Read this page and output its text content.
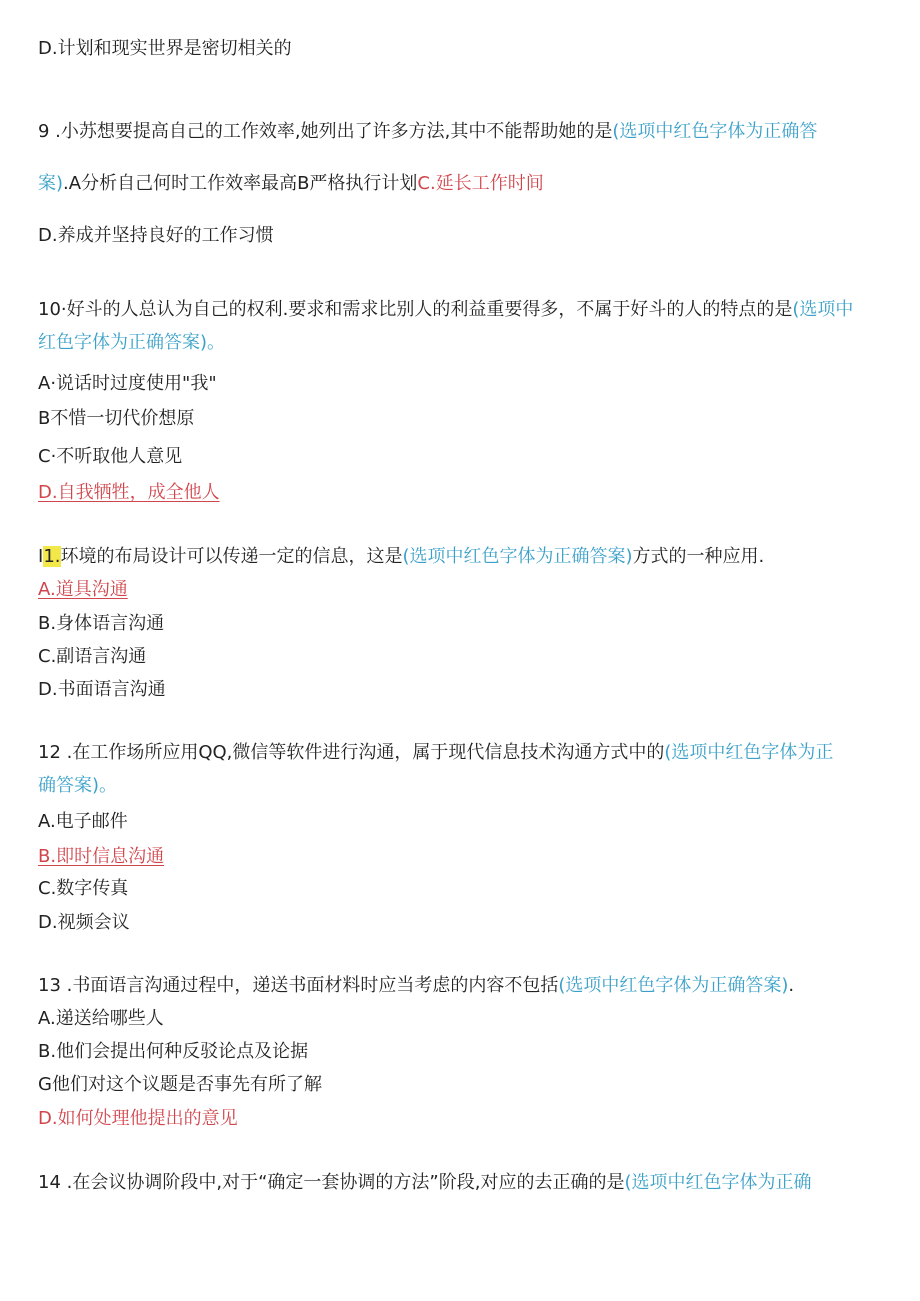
D.计划和现实世界是密切相关的
9 .小苏想要提高自己的工作效率,她列出了许多方法,其中不能帮助她的是(选项中红色字体为正确答
案).A分析自己何时工作效率最高B严格执行计划C.延长工作时间
D.养成并坚持良好的工作习惯
10·好斗的人总认为自己的权利.要求和需求比别人的利益重要得多，不属于好斗的人的特点的是(选项中
红色字体为正确答案)。
A·说话时过度使用"我"
B不惜一切代价想原
C·不听取他人意见
D.自我牺牲，成全他人
I1.环境的布局设计可以传递一定的信息，这是(选项中红色字体为正确答案)方式的一种应用.
A.道具沟通
B.身体语言沟通
C.副语言沟通
D.书面语言沟通
12 .在工作场所应用QQ,微信等软件进行沟通，属于现代信息技术沟通方式中的(选项中红色字体为正
确答案)。
A.电子邮件
B.即时信息沟通
C.数字传真
D.视频会议
13 .书面语言沟通过程中，递送书面材料时应当考虑的内容不包括(选项中红色字体为正确答案).
A.递送给哪些人
B.他们会提出何种反驳论点及论据
G他们对这个议题是否事先有所了解
D.如何处理他提出的意见
14 .在会议协调阶段中,对于“确定一套协调的方法”阶段,对应的去正确的是(选项中红色字体为正确
